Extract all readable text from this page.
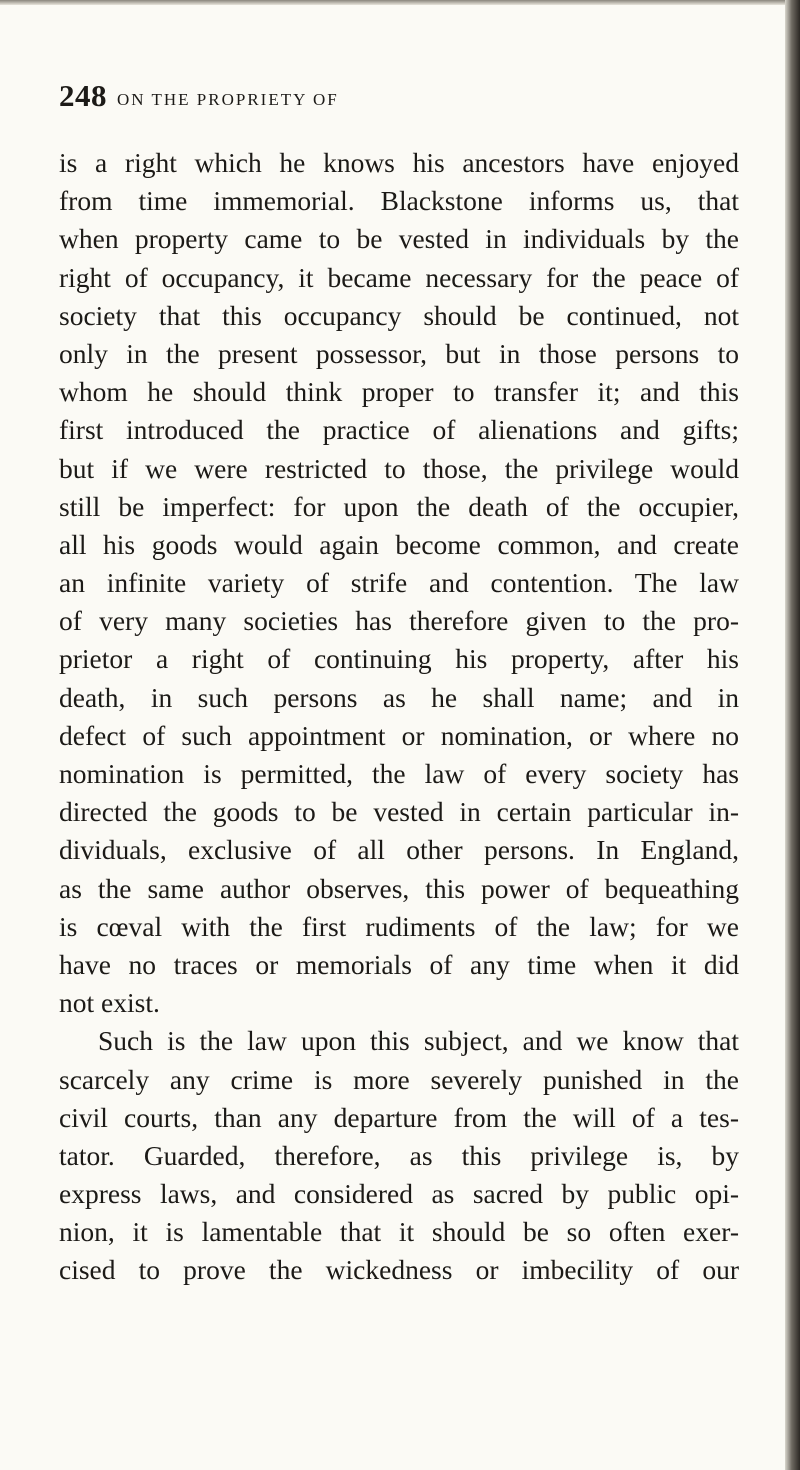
248 ON THE PROPRIETY OF
is a right which he knows his ancestors have enjoyed
from time immemorial. Blackstone informs us, that
when property came to be vested in individuals by the
right of occupancy, it became necessary for the peace of
society that this occupancy should be continued, not
only in the present possessor, but in those persons to
whom he should think proper to transfer it; and this
first introduced the practice of alienations and gifts;
but if we were restricted to those, the privilege would
still be imperfect: for upon the death of the occupier,
all his goods would again become common, and create
an infinite variety of strife and contention. The law
of very many societies has therefore given to the pro-
prietor a right of continuing his property, after his
death, in such persons as he shall name; and in
defect of such appointment or nomination, or where no
nomination is permitted, the law of every society has
directed the goods to be vested in certain particular in-
dividuals, exclusive of all other persons. In England,
as the same author observes, this power of bequeathing
is cœval with the first rudiments of the law; for we
have no traces or memorials of any time when it did
not exist.
Such is the law upon this subject, and we know that
scarcely any crime is more severely punished in the
civil courts, than any departure from the will of a tes-
tator. Guarded, therefore, as this privilege is, by
express laws, and considered as sacred by public opi-
nion, it is lamentable that it should be so often exer-
cised to prove the wickedness or imbecility of our
